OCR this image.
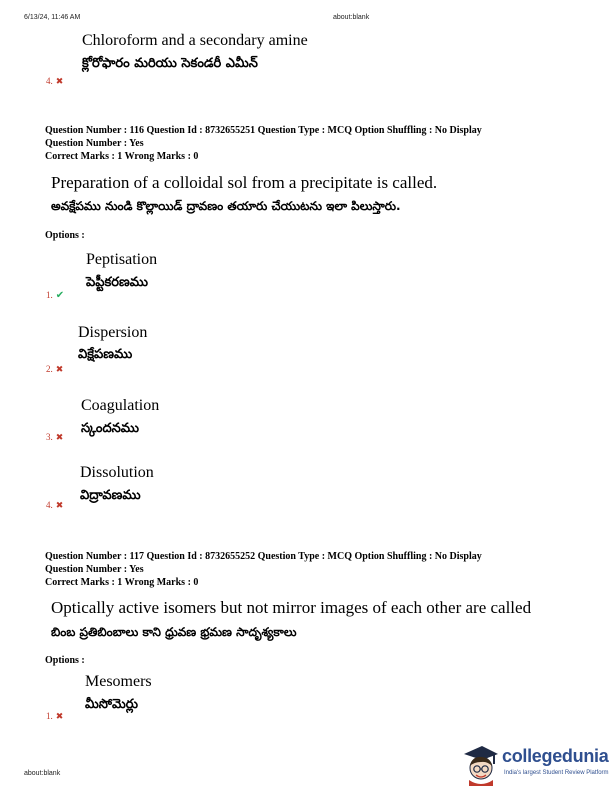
6/13/24, 11:46 AM	about:blank
Chloroform and a secondary amine
క్లోరోఫారం మరియు సెకండరీ ఎమీన్
4. ✖
Question Number : 116 Question Id : 8732655251 Question Type : MCQ Option Shuffling : No Display
Question Number : Yes
Correct Marks : 1 Wrong Marks : 0
Preparation of a colloidal sol from a precipitate is called.
అవక్షేపము నుండి కొల్లాయిడ్ ద్రావణం తయారు చేయుటను ఇలా పిలుస్తారు.
Options :
Peptisation
పెప్టీకరణము
1. ✔
Dispersion
విక్షేపణము
2. ✖
Coagulation
స్కందనము
3. ✖
Dissolution
విద్రావణము
4. ✖
Question Number : 117 Question Id : 8732655252 Question Type : MCQ Option Shuffling : No Display
Question Number : Yes
Correct Marks : 1 Wrong Marks : 0
Optically active isomers but not mirror images of each other are called
బింబ ప్రతిబింబాలు కాని ధ్రువణ భ్రమణ సాదృశ్యకాలు
Options :
Mesomers
మీసోమెర్లు
1. ✖
about:blank
collegedunia
India's largest Student Review Platform
